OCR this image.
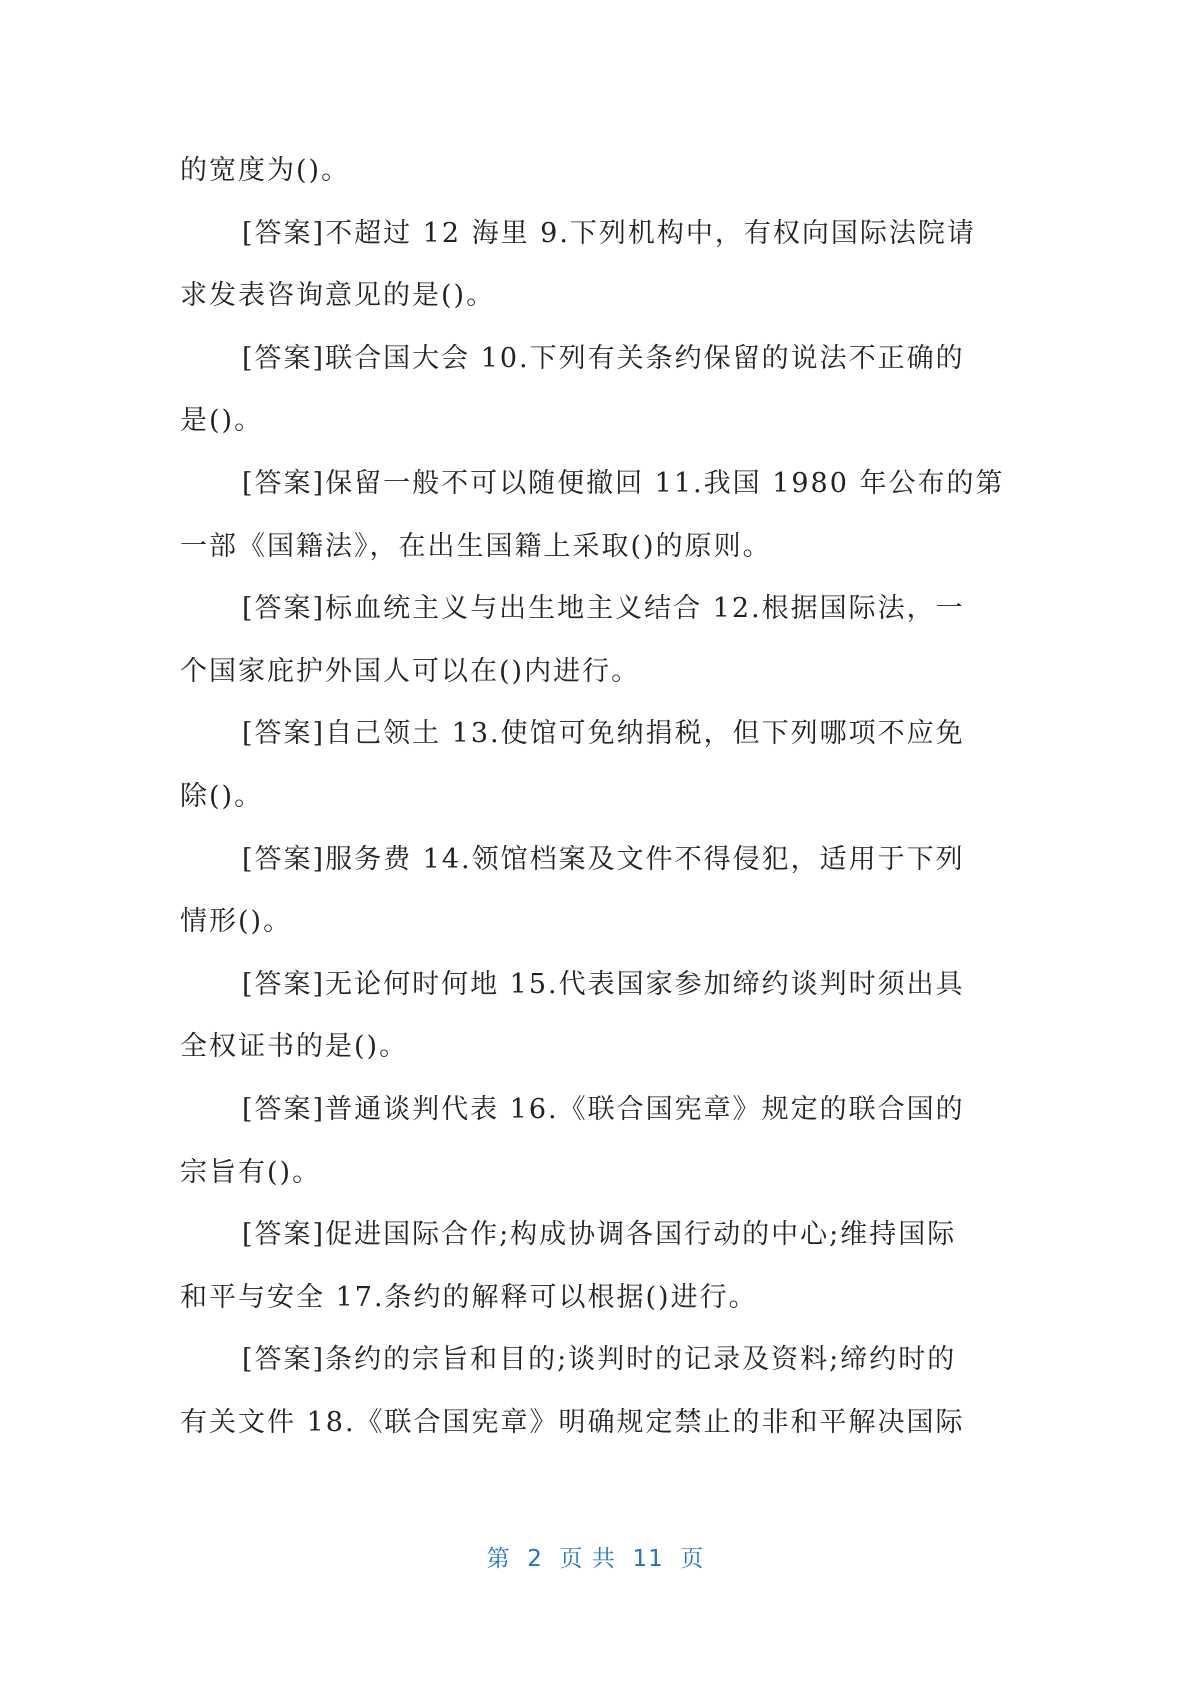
的宽度为()。
[答案]不超过 12 海里 9.下列机构中，有权向国际法院请
求发表咨询意见的是()。
[答案]联合国大会 10.下列有关条约保留的说法不正确的
是()。
[答案]保留一般不可以随便撤回 11.我国 1980 年公布的第
一部《国籍法》，在出生国籍上采取()的原则。
[答案]标血统主义与出生地主义结合 12.根据国际法，一
个国家庇护外国人可以在()内进行。
[答案]自己领土 13.使馆可免纳捐税，但下列哪项不应免
除()。
[答案]服务费 14.领馆档案及文件不得侵犯，适用于下列
情形()。
[答案]无论何时何地 15.代表国家参加缔约谈判时须出具
全权证书的是()。
[答案]普通谈判代表 16.《联合国宪章》规定的联合国的
宗旨有()。
[答案]促进国际合作;构成协调各国行动的中心;维持国际
和平与安全 17.条约的解释可以根据()进行。
[答案]条约的宗旨和目的;谈判时的记录及资料;缔约时的
有关文件 18.《联合国宪章》明确规定禁止的非和平解决国际
第  2  页 共  11  页
